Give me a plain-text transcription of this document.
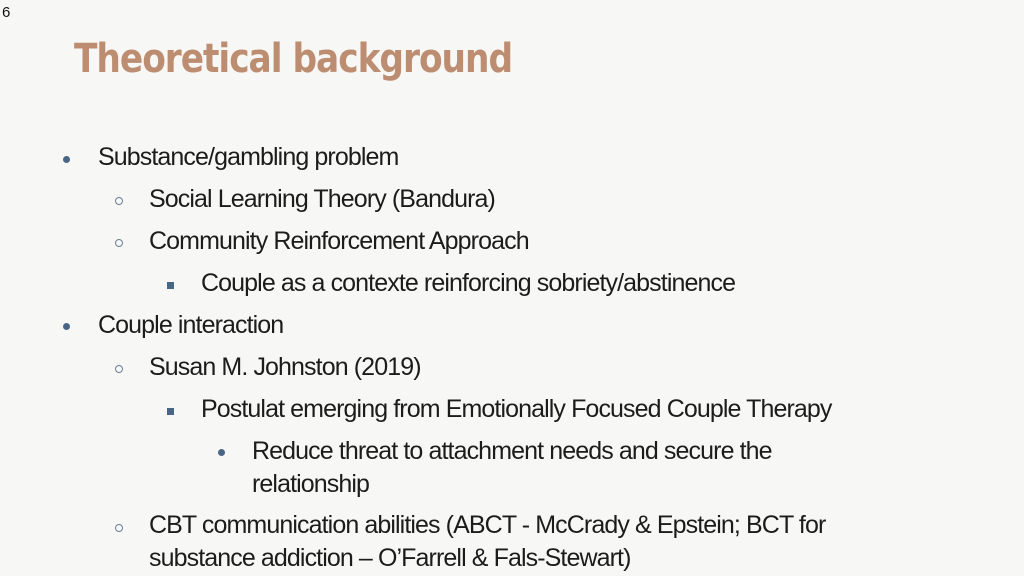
6
Theoretical background
Substance/gambling problem
Social Learning Theory (Bandura)
Community Reinforcement Approach
Couple as a contexte reinforcing sobriety/abstinence
Couple interaction
Susan M. Johnston (2019)
Postulat emerging from Emotionally Focused Couple Therapy
Reduce threat to attachment needs and secure the
relationship
CBT communication abilities (ABCT - McCrady & Epstein; BCT for
substance addiction – O’Farrell & Fals-Stewart)
